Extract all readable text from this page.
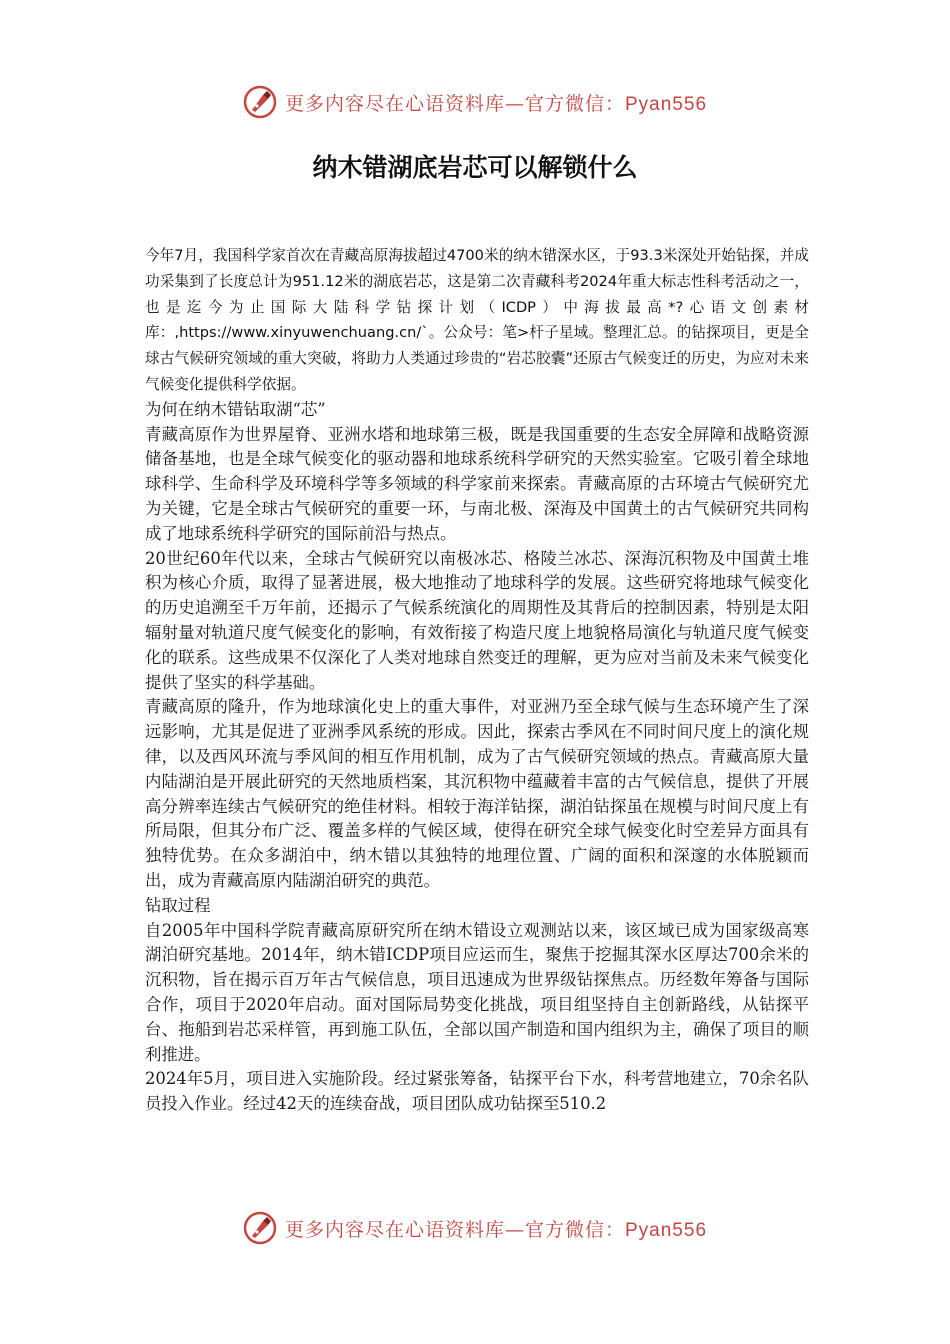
更多内容尽在心语资料库—官方微信：Pyan556
纳木错湖底岩芯可以解锁什么

今年7月，我国科学家首次在青藏高原海拔超过4700米的纳木错深水区，于93.3米深处开始钻探，并成功采集到了长度总计为951.12米的湖底岩芯，这是第二次青藏科考2024年重大标志性科考活动之一，也是迄今为止国际大陆科学钻探计划（ICDP）中海拔最高*?心语文创素材库：,https://www.xinyuwenchuang.cn/`。公众号：笔>杆子星域。整理汇总。的钻探项目，更是全球古气候研究领域的重大突破，将助力人类通过珍贵的“岩芯胶囊”还原古气候变迁的历史，为应对未来气候变化提供科学依据。

为何在纳木错钻取湖“芯”

青藏高原作为世界屋脊、亚洲水塔和地球第三极，既是我国重要的生态安全屏障和战略资源储备基地，也是全球气候变化的驱动器和地球系统科学研究的天然实验室。它吸引着全球地球科学、生命科学及环境科学等多领域的科学家前来探索。青藏高原的古环境古气候研究尤为关键，它是全球古气候研究的重要一环，与南北极、深海及中国黄土的古气候研究共同构成了地球系统科学研究的国际前沿与热点。

20世纪60年代以来，全球古气候研究以南极冰芯、格陵兰冰芯、深海沉积物及中国黄土堆积为核心介质，取得了显著进展，极大地推动了地球科学的发展。这些研究将地球气候变化的历史追溯至千万年前，还揭示了气候系统演化的周期性及其背后的控制因素，特别是太阳辐射量对轨道尺度气候变化的影响，有效衔接了构造尺度上地貌格局演化与轨道尺度气候变化的联系。这些成果不仅深化了人类对地球自然变迁的理解，更为应对当前及未来气候变化提供了坚实的科学基础。

青藏高原的隆升，作为地球演化史上的重大事件，对亚洲乃至全球气候与生态环境产生了深远影响，尤其是促进了亚洲季风系统的形成。因此，探索古季风在不同时间尺度上的演化规律，以及西风环流与季风间的相互作用机制，成为了古气候研究领域的热点。青藏高原大量内陆湖泊是开展此研究的天然地质档案，其沉积物中蕴藏着丰富的古气候信息，提供了开展高分辨率连续古气候研究的绝佳材料。相较于海洋钻探，湖泊钻探虽在规模与时间尺度上有所局限，但其分布广泛、覆盖多样的气候区域，使得在研究全球气候变化时空差异方面具有独特优势。在众多湖泊中，纳木错以其独特的地理位置、广阔的面积和深邃的水体脱颖而出，成为青藏高原内陆湖泊研究的典范。

钻取过程

自2005年中国科学院青藏高原研究所在纳木错设立观测站以来，该区域已成为国家级高寒湖泊研究基地。2014年，纳木错ICDP项目应运而生，聚焦于挖掘其深水区厚达700余米的沉积物，旨在揭示百万年古气候信息，项目迅速成为世界级钻探焦点。历经数年筹备与国际合作，项目于2020年启动。面对国际局势变化挑战，项目组坚持自主创新路线，从钻探平台、拖船到岩芯采样管，再到施工队伍，全部以国产制造和国内组织为主，确保了项目的顺利推进。

2024年5月，项目进入实施阶段。经过紧张筹备，钻探平台下水，科考营地建立，70余名队员投入作业。经过42天的连续奋战，项目团队成功钻探至510.2

更多内容尽在心语资料库—官方微信：Pyan556
